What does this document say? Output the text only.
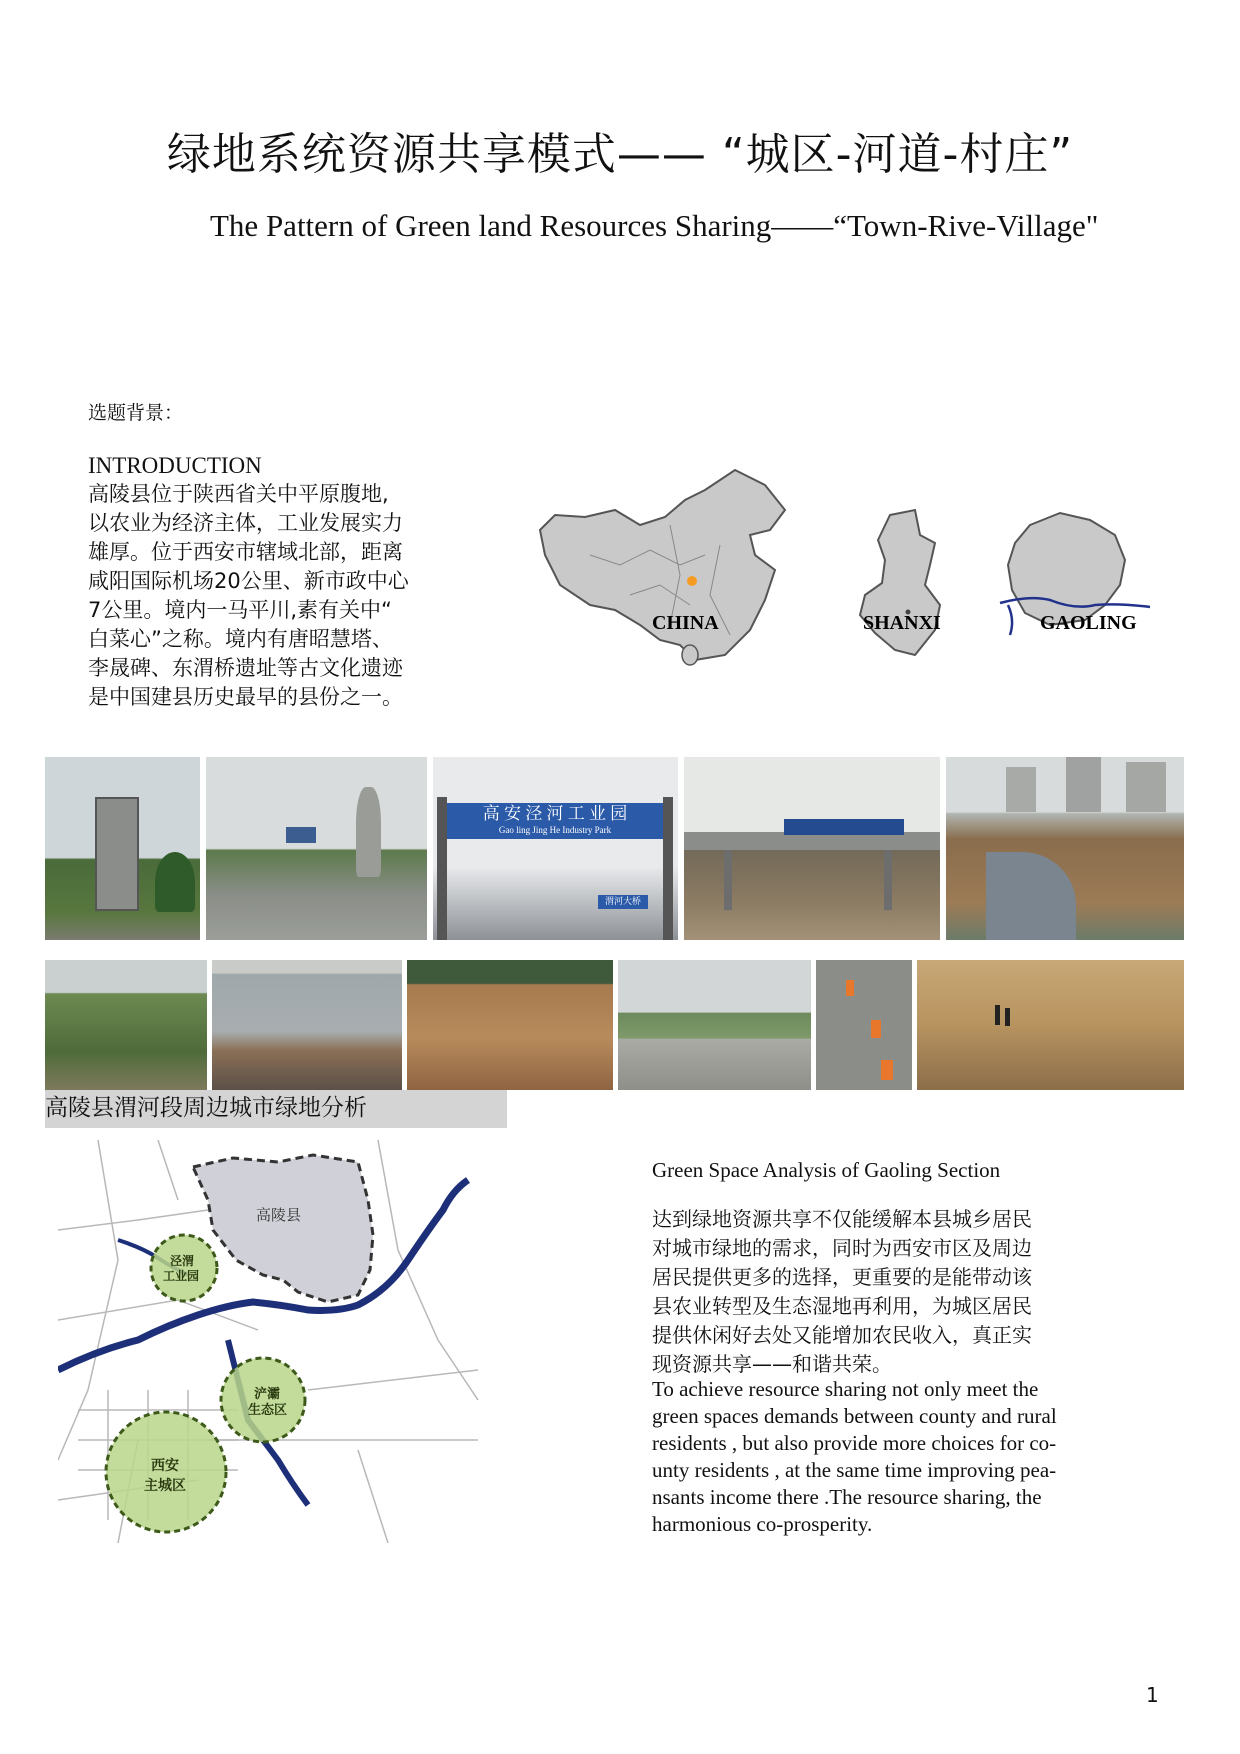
绿地系统资源共享模式—— “城区-河道-村庄”
The Pattern of Green land Resources Sharing——“Town-Rive-Village"
选题背景：
INTRODUCTION
高陵县位于陕西省关中平原腹地,
以农业为经济主体，工业发展实力
雄厚。位于西安市辖域北部，距离
咸阳国际机场20公里、新市政中心
7公里。境内一马平川,素有关中“
白菜心”之称。境内有唐昭慧塔、
李晟碑、东渭桥遗址等古文化遗迹
是中国建县历史最早的县份之一。
CHINA	SHANXI	GAOLING
高 安 泾 河 工 业 园
Gao ling Jing He Industry Park
渭河大桥
高陵县渭河段周边城市绿地分析
高陵县
泾渭
工业园
浐灞
生态区
西安
主城区
Green Space Analysis of Gaoling Section
达到绿地资源共享不仅能缓解本县城乡居民
对城市绿地的需求，同时为西安市区及周边
居民提供更多的选择，更重要的是能带动该
县农业转型及生态湿地再利用，为城区居民
提供休闲好去处又能增加农民收入，真正实
现资源共享——和谐共荣。
To achieve resource sharing not only meet the
green spaces demands between county and rural
residents , but also provide more choices for co-
unty residents , at the same time improving pea-
nsants income there .The resource sharing, the
harmonious co-prosperity.
1
